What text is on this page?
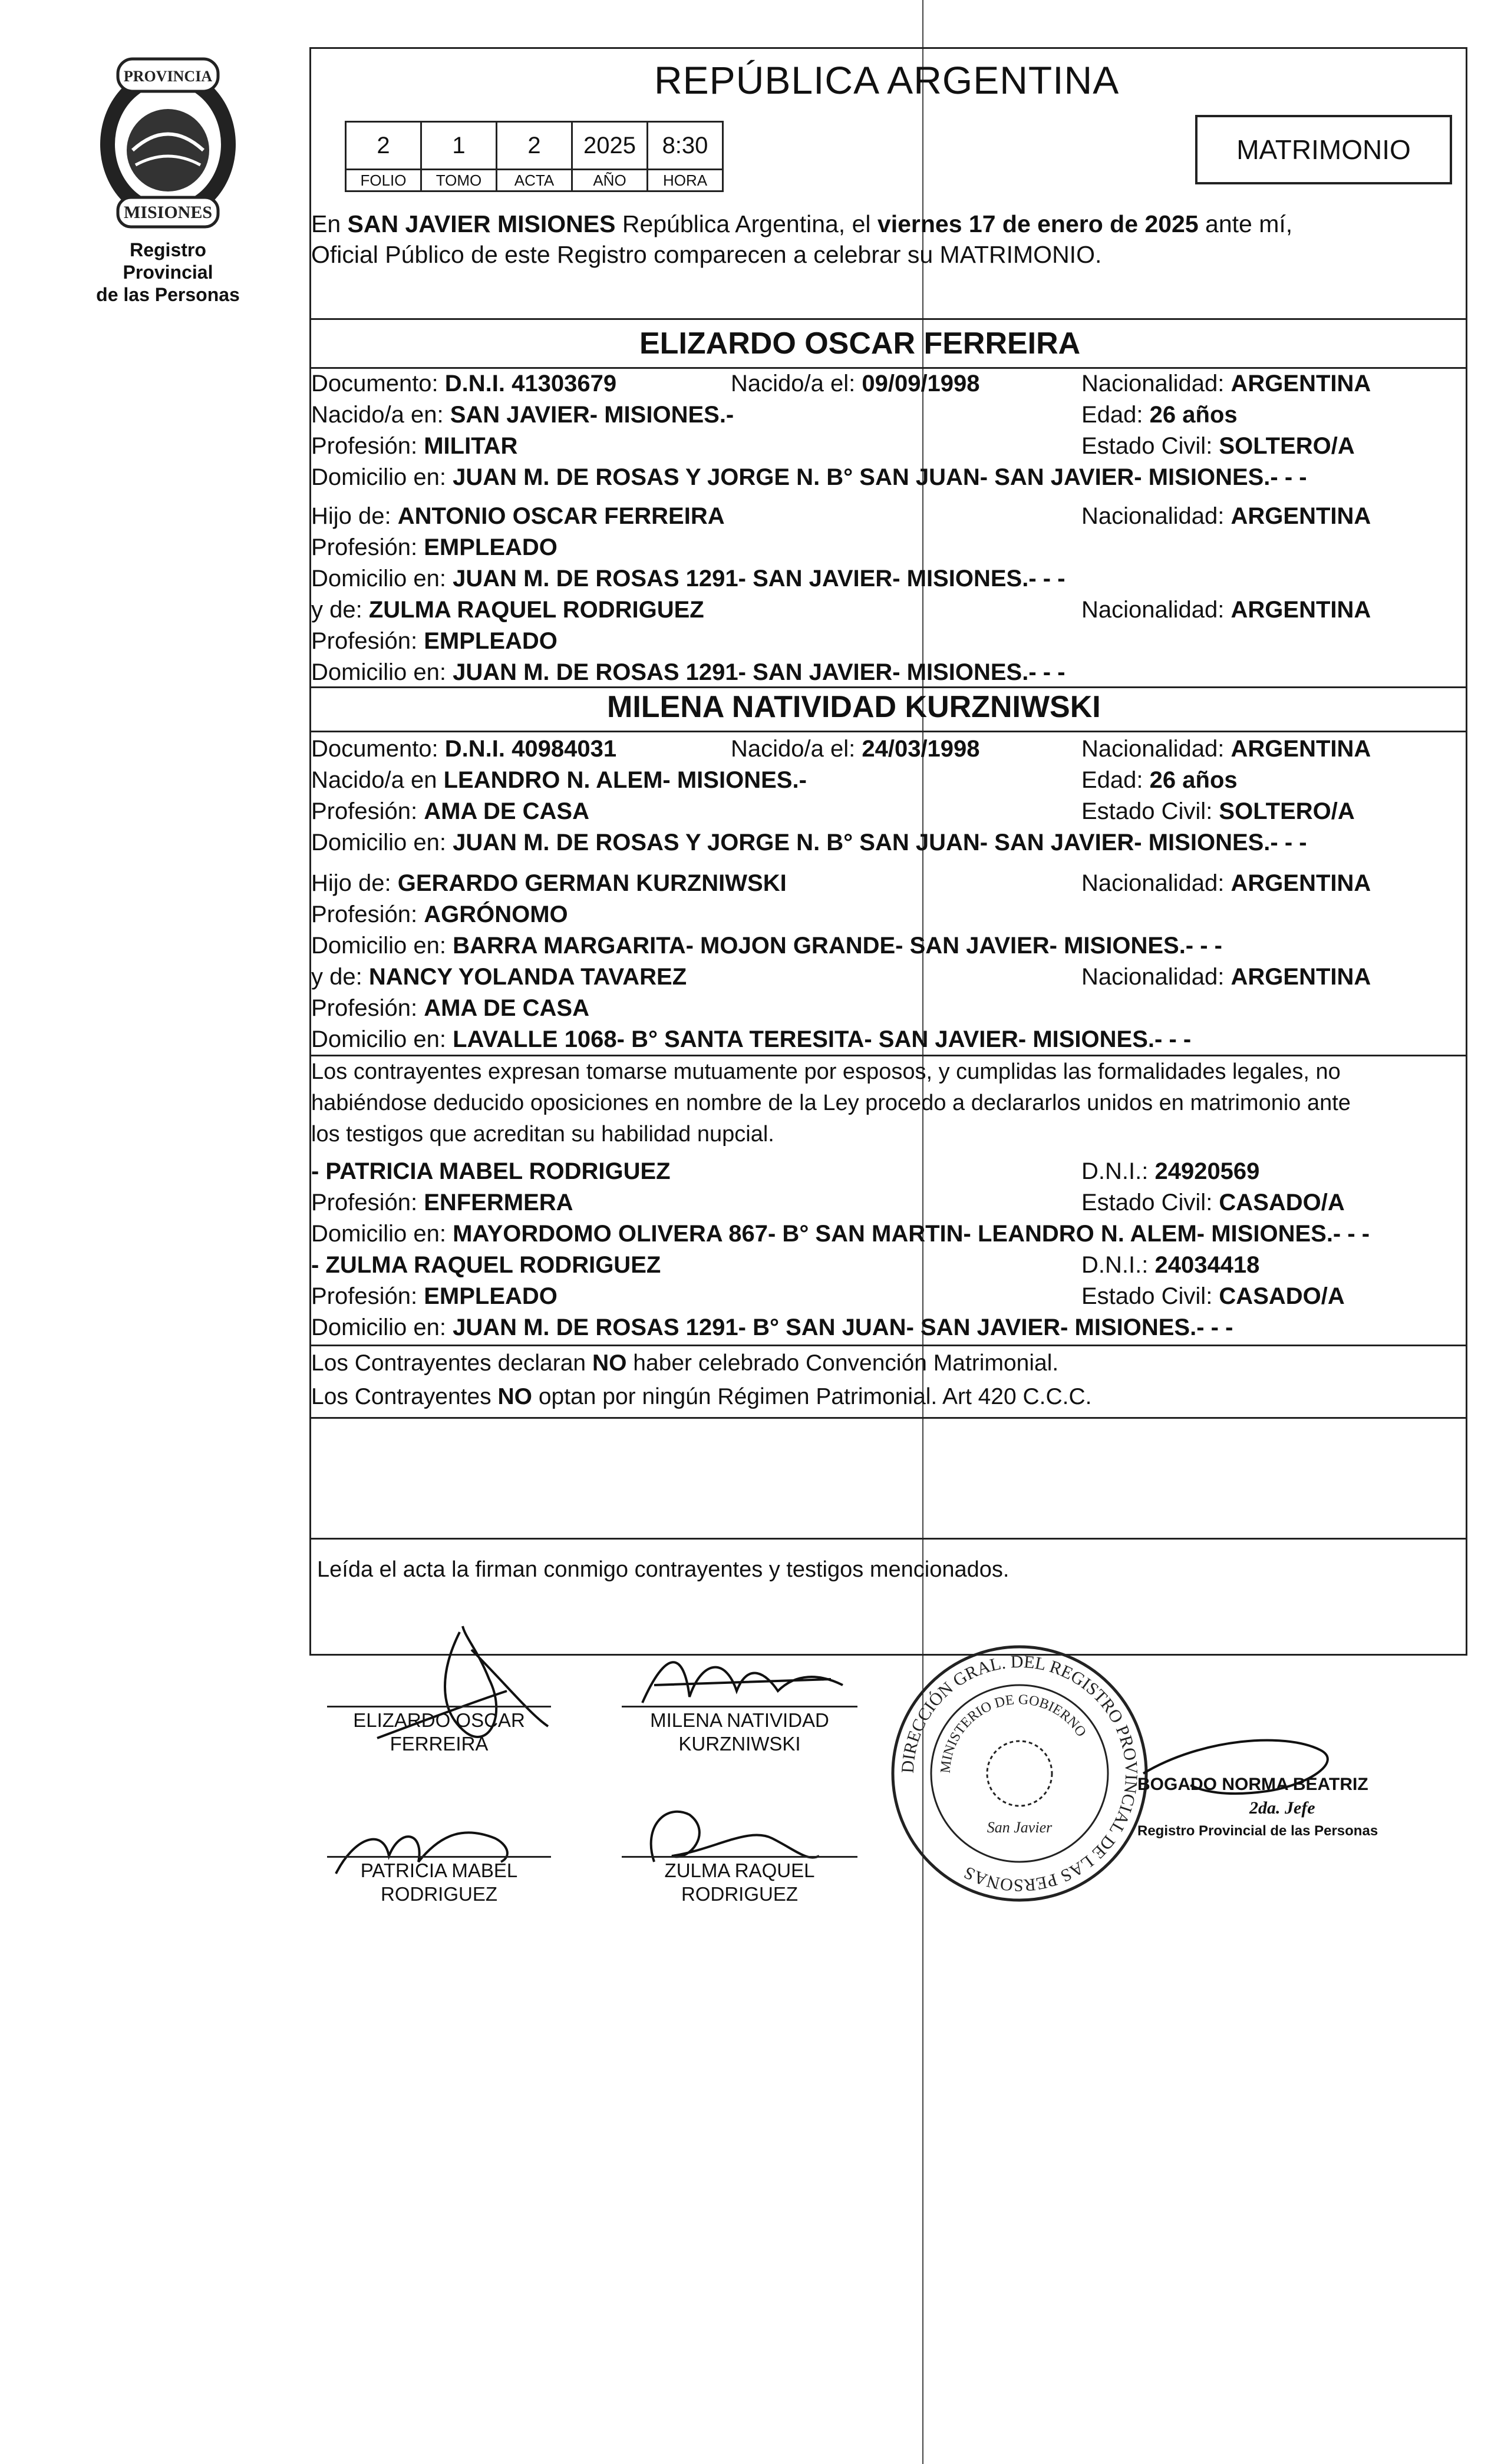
PROVINCIA
MISIONES
Registro Provincial
de las Personas
REPÚBLICA ARGENTINA
2	1	2	2025	8:30
FOLIO	TOMO	ACTA	AÑO	HORA
MATRIMONIO
En SAN JAVIER MISIONES República Argentina, el viernes 17 de enero de 2025 ante mí,
Oficial Público de este Registro comparecen a celebrar su MATRIMONIO.
ELIZARDO OSCAR FERREIRA
Documento: D.N.I. 41303679	Nacido/a el: 09/09/1998	Nacionalidad: ARGENTINA
Nacido/a en: SAN JAVIER- MISIONES.-	Edad: 26 años
Profesión: MILITAR	Estado Civil: SOLTERO/A
Domicilio en: JUAN M. DE ROSAS Y JORGE N. B° SAN JUAN- SAN JAVIER- MISIONES.- - -
Hijo de: ANTONIO OSCAR FERREIRA	Nacionalidad: ARGENTINA
Profesión: EMPLEADO
Domicilio en: JUAN M. DE ROSAS 1291- SAN JAVIER- MISIONES.- - -
y de: ZULMA RAQUEL RODRIGUEZ	Nacionalidad: ARGENTINA
Profesión: EMPLEADO
Domicilio en: JUAN M. DE ROSAS 1291- SAN JAVIER- MISIONES.- - -
MILENA NATIVIDAD KURZNIWSKI
Documento: D.N.I. 40984031	Nacido/a el: 24/03/1998	Nacionalidad: ARGENTINA
Nacido/a en LEANDRO N. ALEM- MISIONES.-	Edad: 26 años
Profesión: AMA DE CASA	Estado Civil: SOLTERO/A
Domicilio en: JUAN M. DE ROSAS Y JORGE N. B° SAN JUAN- SAN JAVIER- MISIONES.- - -
Hijo de: GERARDO GERMAN KURZNIWSKI	Nacionalidad: ARGENTINA
Profesión: AGRÓNOMO
Domicilio en: BARRA MARGARITA- MOJON GRANDE- SAN JAVIER- MISIONES.- - -
y de: NANCY YOLANDA TAVAREZ	Nacionalidad: ARGENTINA
Profesión: AMA DE CASA
Domicilio en: LAVALLE 1068- B° SANTA TERESITA- SAN JAVIER- MISIONES.- - -
Los contrayentes expresan tomarse mutuamente por esposos, y cumplidas las formalidades legales, no
habiéndose deducido oposiciones en nombre de la Ley procedo a declararlos unidos en matrimonio ante
los testigos que acreditan su habilidad nupcial.
- PATRICIA MABEL RODRIGUEZ	D.N.I.: 24920569
Profesión: ENFERMERA	Estado Civil: CASADO/A
Domicilio en: MAYORDOMO OLIVERA 867- B° SAN MARTIN- LEANDRO N. ALEM- MISIONES.- - -
- ZULMA RAQUEL RODRIGUEZ	D.N.I.: 24034418
Profesión: EMPLEADO	Estado Civil: CASADO/A
Domicilio en: JUAN M. DE ROSAS 1291- B° SAN JUAN- SAN JAVIER- MISIONES.- - -
Los Contrayentes declaran NO haber celebrado Convención Matrimonial.
Los Contrayentes NO optan por ningún Régimen Patrimonial. Art 420 C.C.C.
Leída el acta la firman conmigo contrayentes y testigos mencionados.
ELIZARDO OSCAR
FERREIRA
MILENA NATIVIDAD
KURZNIWSKI
PATRICIA MABEL
RODRIGUEZ
ZULMA RAQUEL
RODRIGUEZ
DIRECCIÓN GRAL. DEL REGISTRO PROVINCIAL DE LAS PERSONAS
MINISTERIO DE GOBIERNO
San Javier
BOGADO NORMA BEATRIZ
2da. Jefe
Registro Provincial de las Personas
